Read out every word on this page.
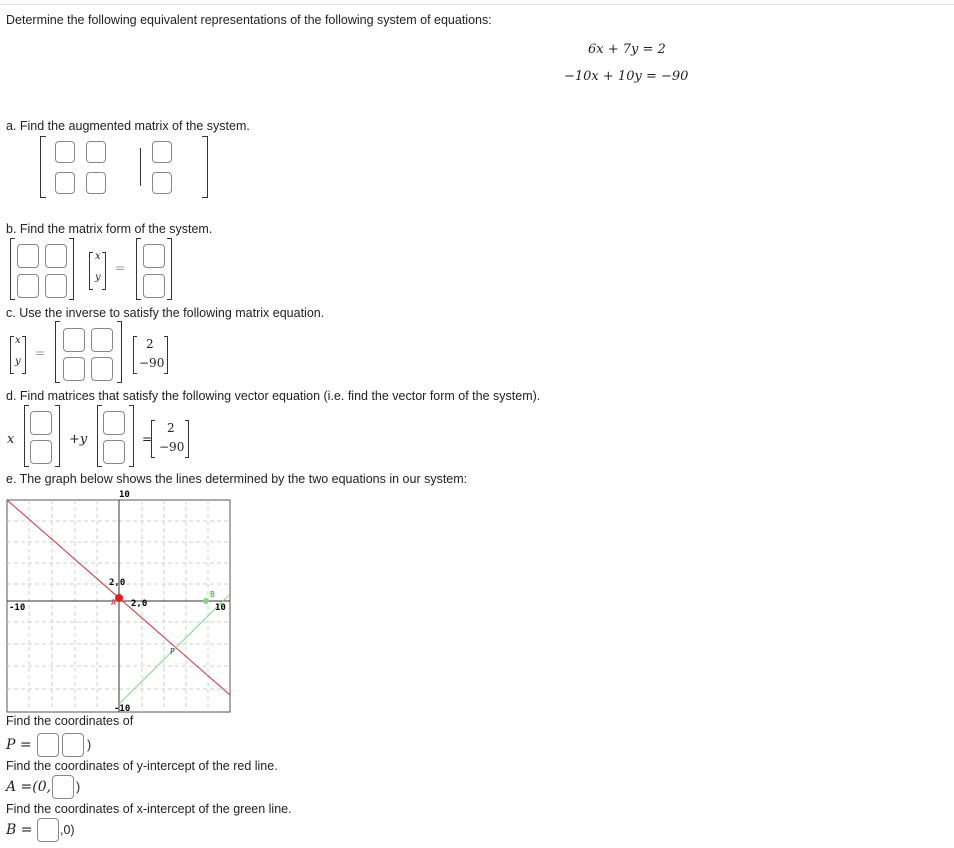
Determine the following equivalent representations of the following system of equations:
6x + 7y = 2
−10x + 10y = −90
a. Find the augmented matrix of the system.
b. Find the matrix form of the system.
x
y
=
c. Use the inverse to satisfy the following matrix equation.
x
y
=
2
−90
d. Find matrices that satisfy the following vector equation (i.e. find the vector form of the system).
x	+y	=
2
−90
e. The graph below shows the lines determined by the two equations in our system:
10
-10
-10	10
2,0
2,0
A
B
P
Find the coordinates of
P =	)
Find the coordinates of y-intercept of the red line.
A =(0, )
Find the coordinates of x-intercept of the green line.
B = ,0)
